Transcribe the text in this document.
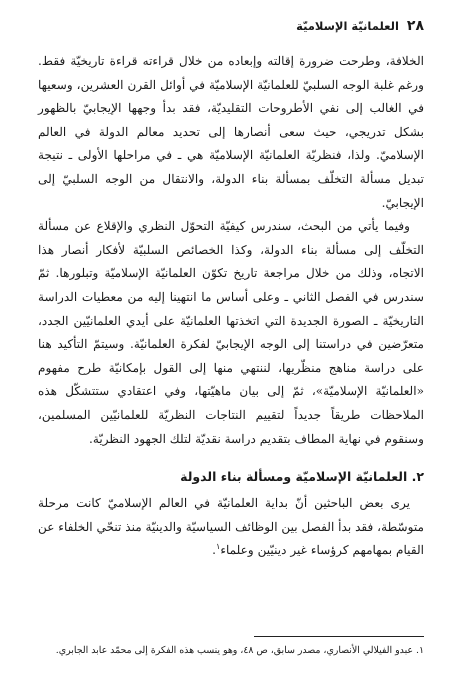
٢٨
العلمانيّة الإسلاميّة

الخلافة، وطرحت ضرورة إقالته وإبعاده من خلال قراءته قراءة تاريخيّة فقط. ورغم غلبة الوجه السلبيّ للعلمانيّة الإسلاميّة في أوائل القرن العشرين، وسعيها في الغالب إلى نفي الأطروحات التقليديّة، فقد بدأ وجهها الإيجابيّ بالظهور بشكل تدريجي، حيث سعى أنصارها إلى تحديد معالم الدولة في العالم الإسلاميّ. ولذا، فنظريّة العلمانيّة الإسلاميّة هي ـ في مراحلها الأولى ـ نتيجة تبديل مسألة التخلّف بمسألة بناء الدولة، والانتقال من الوجه السلبيّ إلى الإيجابيّ.

وفيما يأتي من البحث، سندرس كيفيّة التحوّل النظري والإقلاع عن مسألة التخلّف إلى مسألة بناء الدولة، وكذا الخصائص السلبيّة لأفكار أنصار هذا الاتجاه، وذلك من خلال مراجعة تاريخ تكوّن العلمانيّة الإسلاميّة وتبلورها. ثمّ سندرس في الفصل الثاني ـ وعلى أساس ما انتهينا إليه من معطيات الدراسة التاريخيّة ـ الصورة الجديدة التي اتخذتها العلمانيّة على أيدي العلمانيّين الجدد، متعرّضين في دراستنا إلى الوجه الإيجابيّ لفكرة العلمانيّة. وسيتمّ التأكيد هنا على دراسة مناهج منظّريها، لننتهي منها إلى القول بإمكانيّة طرح مفهوم «العلمانيّة الإسلاميّة»، ثمّ إلى بيان ماهيّتها، وفي اعتقادي ستتشكّل هذه الملاحظات طريقاً جديداً لتقييم النتاجات النظريّة للعلمانيّين المسلمين، وسنقوم في نهاية المطاف بتقديم دراسة نقديّة لتلك الجهود النظريّة.

٢. العلمانيّة الإسلاميّة ومسألة بناء الدولة

يرى بعض الباحثين أنّ بداية العلمانيّة في العالم الإسلاميّ كانت مرحلة متوسّطة، فقد بدأ الفصل بين الوظائف السياسيّة والدينيّة منذ تنحّي الخلفاء عن القيام بمهامهم كرؤساء غير دينيّين وعلماء$^١$.

١. عبدو الفيلالي الأنصاري، مصدر سابق، ص ٤٨، وهو ينسب هذه الفكرة إلى محمّد عابد الجابري.
